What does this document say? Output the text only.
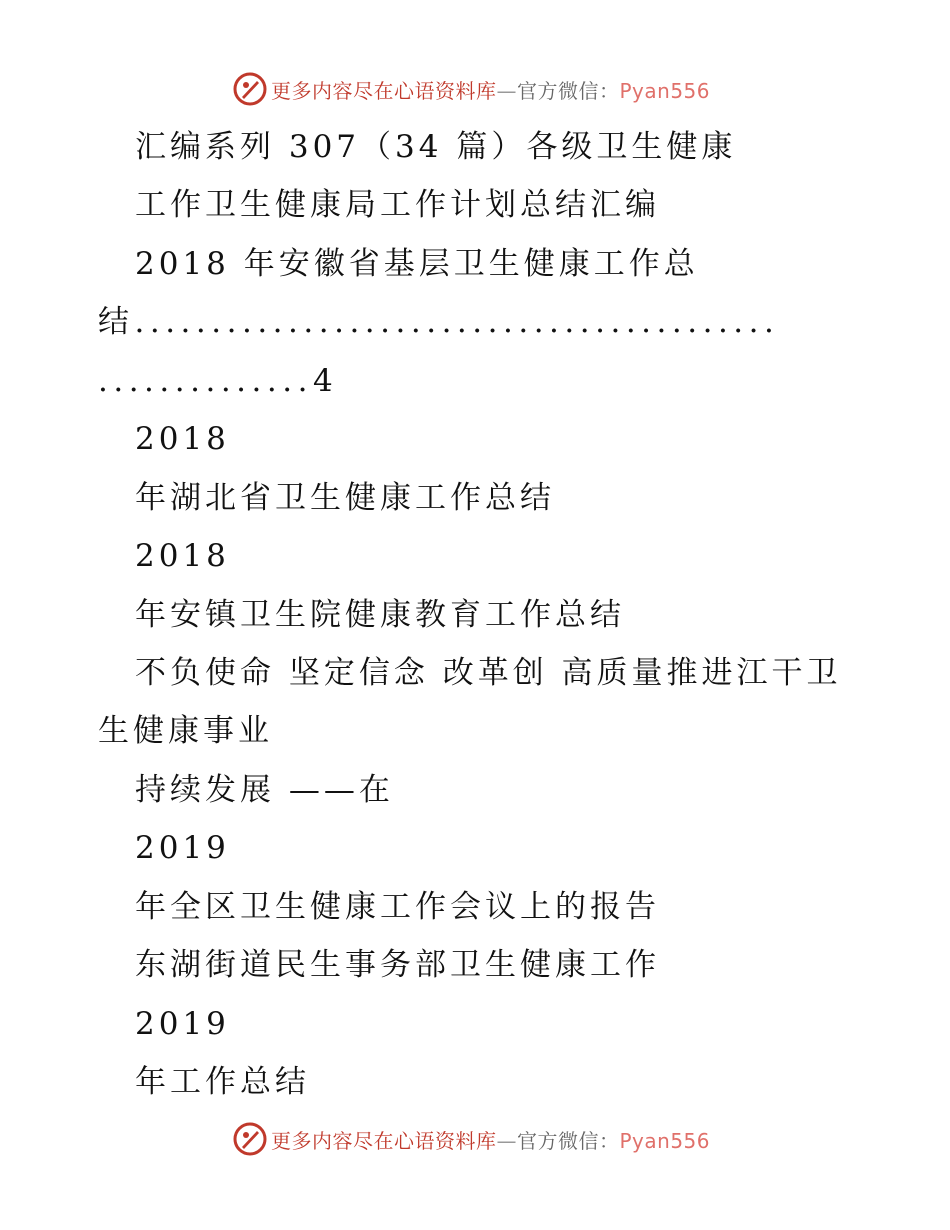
更多内容尽在心语资料库—官方微信：Pyan556
汇编系列 307（34 篇）各级卫生健康
工作卫生健康局工作计划总结汇编
2018 年安徽省基层卫生健康工作总
结..........................................
..............4
2018
年湖北省卫生健康工作总结
2018
年安镇卫生院健康教育工作总结
不负使命 坚定信念 改革创 高质量推进江干卫
生健康事业
持续发展 ——在
2019
年全区卫生健康工作会议上的报告
东湖街道民生事务部卫生健康工作
2019
年工作总结
更多内容尽在心语资料库—官方微信：Pyan556
